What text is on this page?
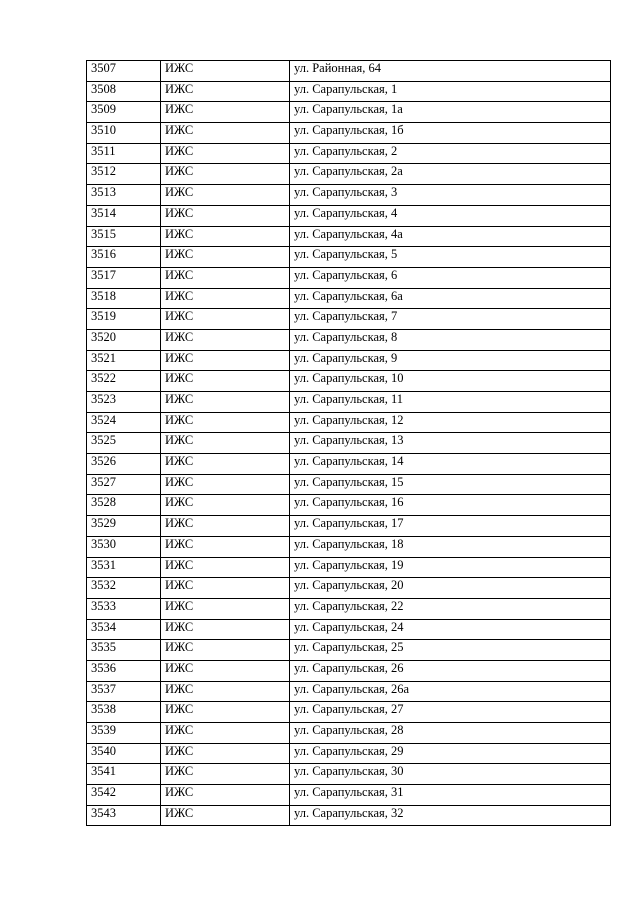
3507	ИЖС	ул. Районная, 64
3508	ИЖС	ул. Сарапульская, 1
3509	ИЖС	ул. Сарапульская, 1а
3510	ИЖС	ул. Сарапульская, 1б
3511	ИЖС	ул. Сарапульская, 2
3512	ИЖС	ул. Сарапульская, 2а
3513	ИЖС	ул. Сарапульская, 3
3514	ИЖС	ул. Сарапульская, 4
3515	ИЖС	ул. Сарапульская, 4а
3516	ИЖС	ул. Сарапульская, 5
3517	ИЖС	ул. Сарапульская, 6
3518	ИЖС	ул. Сарапульская, 6а
3519	ИЖС	ул. Сарапульская, 7
3520	ИЖС	ул. Сарапульская, 8
3521	ИЖС	ул. Сарапульская, 9
3522	ИЖС	ул. Сарапульская, 10
3523	ИЖС	ул. Сарапульская, 11
3524	ИЖС	ул. Сарапульская, 12
3525	ИЖС	ул. Сарапульская, 13
3526	ИЖС	ул. Сарапульская, 14
3527	ИЖС	ул. Сарапульская, 15
3528	ИЖС	ул. Сарапульская, 16
3529	ИЖС	ул. Сарапульская, 17
3530	ИЖС	ул. Сарапульская, 18
3531	ИЖС	ул. Сарапульская, 19
3532	ИЖС	ул. Сарапульская, 20
3533	ИЖС	ул. Сарапульская, 22
3534	ИЖС	ул. Сарапульская, 24
3535	ИЖС	ул. Сарапульская, 25
3536	ИЖС	ул. Сарапульская, 26
3537	ИЖС	ул. Сарапульская, 26а
3538	ИЖС	ул. Сарапульская, 27
3539	ИЖС	ул. Сарапульская, 28
3540	ИЖС	ул. Сарапульская, 29
3541	ИЖС	ул. Сарапульская, 30
3542	ИЖС	ул. Сарапульская, 31
3543	ИЖС	ул. Сарапульская, 32
